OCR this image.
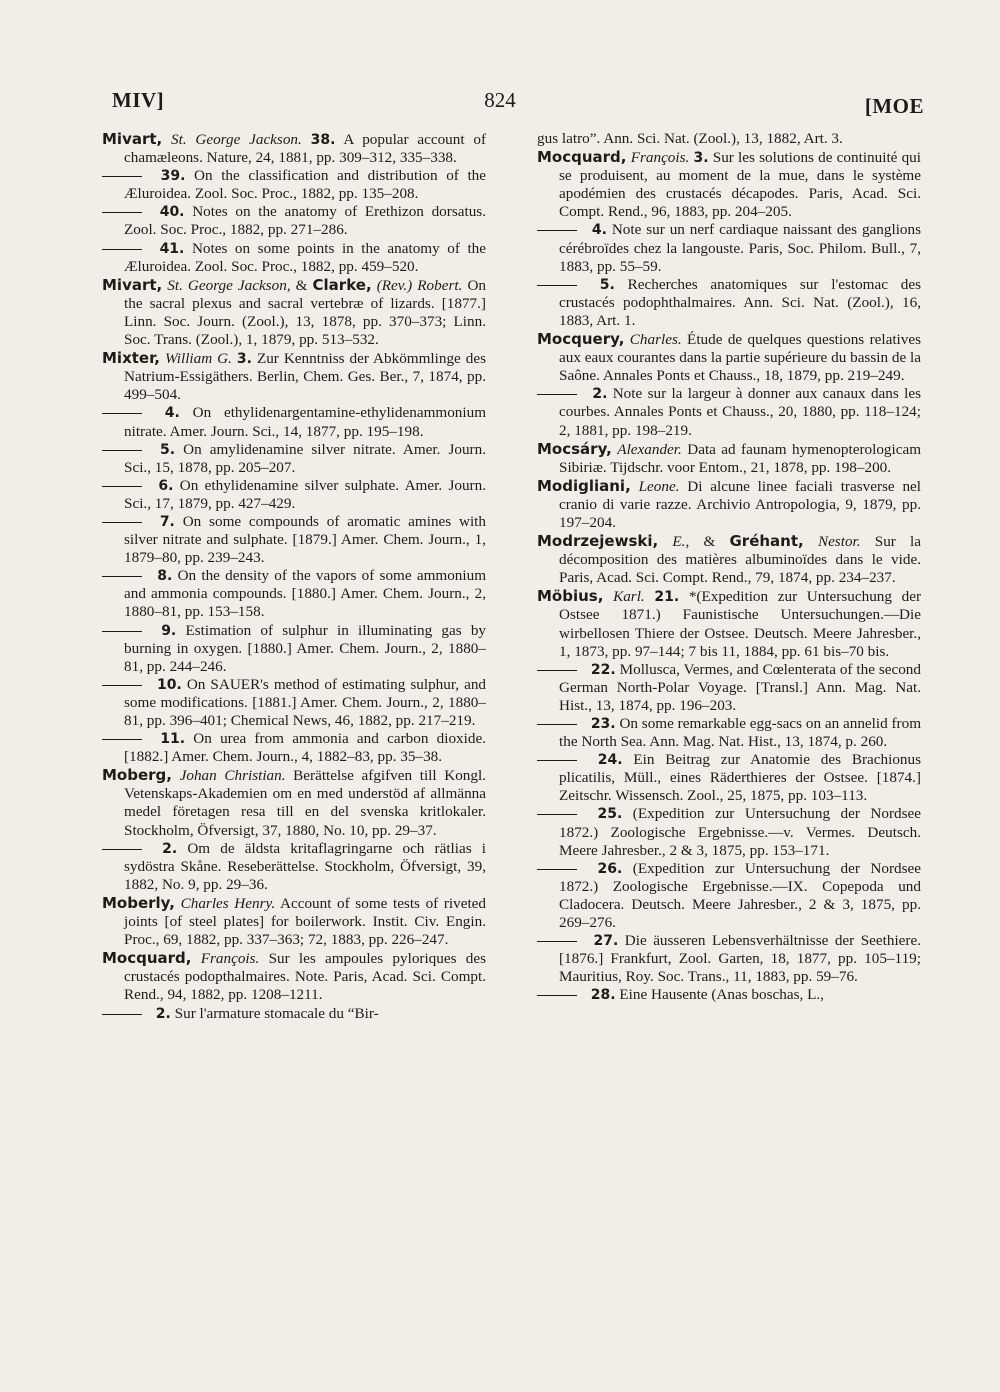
MIV]	824	[MOE

Mivart, St. George Jackson. 38. A popular account of chamæleons. Nature, 24, 1881, pp. 309–312, 335–338.

39. On the classification and distribution of the Æluroidea. Zool. Soc. Proc., 1882, pp. 135–208.

40. Notes on the anatomy of Erethizon dorsatus. Zool. Soc. Proc., 1882, pp. 271–286.

41. Notes on some points in the anatomy of the Æluroidea. Zool. Soc. Proc., 1882, pp. 459–520.

Mivart, St. George Jackson, & Clarke, (Rev.) Robert. On the sacral plexus and sacral vertebræ of lizards. [1877.] Linn. Soc. Journ. (Zool.), 13, 1878, pp. 370–373; Linn. Soc. Trans. (Zool.), 1, 1879, pp. 513–532.

Mixter, William G. 3. Zur Kenntniss der Abkömmlinge des Natrium-Essigäthers. Berlin, Chem. Ges. Ber., 7, 1874, pp. 499–504.

4. On ethylidenargentamine-ethylidenammonium nitrate. Amer. Journ. Sci., 14, 1877, pp. 195–198.

5. On amylidenamine silver nitrate. Amer. Journ. Sci., 15, 1878, pp. 205–207.

6. On ethylidenamine silver sulphate. Amer. Journ. Sci., 17, 1879, pp. 427–429.

7. On some compounds of aromatic amines with silver nitrate and sulphate. [1879.] Amer. Chem. Journ., 1, 1879–80, pp. 239–243.

8. On the density of the vapors of some ammonium and ammonia compounds. [1880.] Amer. Chem. Journ., 2, 1880–81, pp. 153–158.

9. Estimation of sulphur in illuminating gas by burning in oxygen. [1880.] Amer. Chem. Journ., 2, 1880–81, pp. 244–246.

10. On SAUER's method of estimating sulphur, and some modifications. [1881.] Amer. Chem. Journ., 2, 1880–81, pp. 396–401; Chemical News, 46, 1882, pp. 217–219.

11. On urea from ammonia and carbon dioxide. [1882.] Amer. Chem. Journ., 4, 1882–83, pp. 35–38.

Moberg, Johan Christian. Berättelse afgifven till Kongl. Vetenskaps-Akademien om en med understöd af allmänna medel företagen resa till en del svenska kritlokaler. Stockholm, Öfversigt, 37, 1880, No. 10, pp. 29–37.

2. Om de äldsta kritaflagringarne och rätlias i sydöstra Skåne. Reseberättelse. Stockholm, Öfversigt, 39, 1882, No. 9, pp. 29–36.

Moberly, Charles Henry. Account of some tests of riveted joints [of steel plates] for boilerwork. Instit. Civ. Engin. Proc., 69, 1882, pp. 337–363; 72, 1883, pp. 226–247.

Mocquard, François. Sur les ampoules pyloriques des crustacés podopthalmaires. Note. Paris, Acad. Sci. Compt. Rend., 94, 1882, pp. 1208–1211.

2. Sur l'armature stomacale du “Bir-

gus latro”. Ann. Sci. Nat. (Zool.), 13, 1882, Art. 3.

Mocquard, François. 3. Sur les solutions de continuité qui se produisent, au moment de la mue, dans le système apodémien des crustacés décapodes. Paris, Acad. Sci. Compt. Rend., 96, 1883, pp. 204–205.

4. Note sur un nerf cardiaque naissant des ganglions cérébroïdes chez la langouste. Paris, Soc. Philom. Bull., 7, 1883, pp. 55–59.

5. Recherches anatomiques sur l'estomac des crustacés podophthalmaires. Ann. Sci. Nat. (Zool.), 16, 1883, Art. 1.

Mocquery, Charles. Étude de quelques questions relatives aux eaux courantes dans la partie supérieure du bassin de la Saône. Annales Ponts et Chauss., 18, 1879, pp. 219–249.

2. Note sur la largeur à donner aux canaux dans les courbes. Annales Ponts et Chauss., 20, 1880, pp. 118–124; 2, 1881, pp. 198–219.

Mocsáry, Alexander. Data ad faunam hymenopterologicam Sibiriæ. Tijdschr. voor Entom., 21, 1878, pp. 198–200.

Modigliani, Leone. Di alcune linee faciali trasverse nel cranio di varie razze. Archivio Antropologia, 9, 1879, pp. 197–204.

Modrzejewski, E., & Gréhant, Nestor. Sur la décomposition des matières albuminoïdes dans le vide. Paris, Acad. Sci. Compt. Rend., 79, 1874, pp. 234–237.

Möbius, Karl. 21. *(Expedition zur Untersuchung der Ostsee 1871.) Faunistische Untersuchungen.—Die wirbellosen Thiere der Ostsee. Deutsch. Meere Jahresber., 1, 1873, pp. 97–144; 7 bis 11, 1884, pp. 61 bis–70 bis.

22. Mollusca, Vermes, and Cœlenterata of the second German North-Polar Voyage. [Transl.] Ann. Mag. Nat. Hist., 13, 1874, pp. 196–203.

23. On some remarkable egg-sacs on an annelid from the North Sea. Ann. Mag. Nat. Hist., 13, 1874, p. 260.

24. Ein Beitrag zur Anatomie des Brachionus plicatilis, Müll., eines Räderthieres der Ostsee. [1874.] Zeitschr. Wissensch. Zool., 25, 1875, pp. 103–113.

25. (Expedition zur Untersuchung der Nordsee 1872.) Zoologische Ergebnisse.—v. Vermes. Deutsch. Meere Jahresber., 2 & 3, 1875, pp. 153–171.

26. (Expedition zur Untersuchung der Nordsee 1872.) Zoologische Ergebnisse.—IX. Copepoda und Cladocera. Deutsch. Meere Jahresber., 2 & 3, 1875, pp. 269–276.

27. Die äusseren Lebensverhältnisse der Seethiere. [1876.] Frankfurt, Zool. Garten, 18, 1877, pp. 105–119; Mauritius, Roy. Soc. Trans., 11, 1883, pp. 59–76.

28. Eine Hausente (Anas boschas, L.,
